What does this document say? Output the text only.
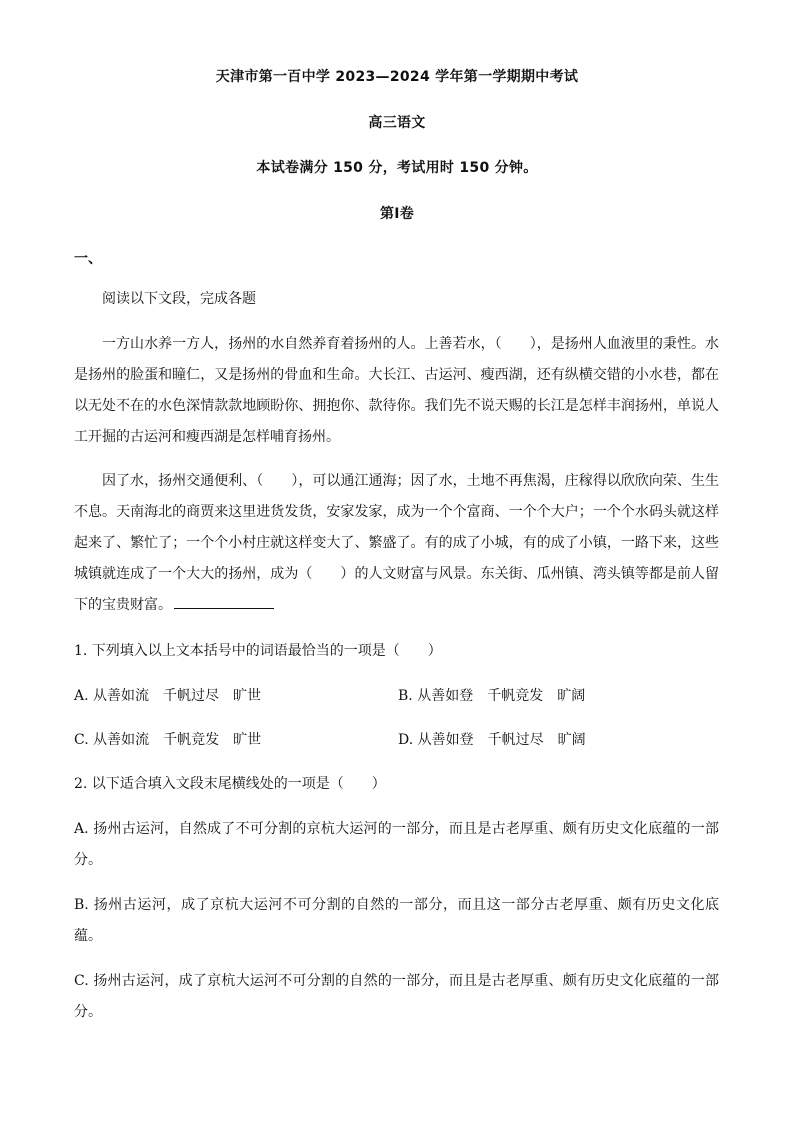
天津市第一百中学 2023—2024 学年第一学期期中考试
高三语文
本试卷满分 150 分，考试用时 150 分钟。
第Ⅰ卷
一、

阅读以下文段，完成各题

一方山水养一方人，扬州的水自然养育着扬州的人。上善若水，（　　），是扬州人血液里的秉性。水是扬州的脸蛋和瞳仁，又是扬州的骨血和生命。大长江、古运河、瘦西湖，还有纵横交错的小水巷，都在以无处不在的水色深情款款地顾盼你、拥抱你、款待你。我们先不说天赐的长江是怎样丰润扬州，单说人工开掘的古运河和瘦西湖是怎样哺育扬州。

因了水，扬州交通便利、（　　），可以通江通海；因了水，土地不再焦渴，庄稼得以欣欣向荣、生生不息。天南海北的商贾来这里进货发货，安家发家，成为一个个富商、一个个大户；一个个水码头就这样起来了、繁忙了；一个个小村庄就这样变大了、繁盛了。有的成了小城，有的成了小镇，一路下来，这些城镇就连成了一个大大的扬州，成为（　　）的人文财富与风景。东关街、瓜州镇、湾头镇等都是前人留下的宝贵财富。

1. 下列填入以上文本括号中的词语最恰当的一项是（　　）

A. 从善如流　千帆过尽　旷世	B. 从善如登　千帆竞发　旷阔

C. 从善如流　千帆竞发　旷世	D. 从善如登　千帆过尽　旷阔

2. 以下适合填入文段末尾横线处的一项是（　　）

A. 扬州古运河，自然成了不可分割的京杭大运河的一部分，而且是古老厚重、颇有历史文化底蕴的一部分。

B. 扬州古运河，成了京杭大运河不可分割的自然的一部分，而且这一部分古老厚重、颇有历史文化底蕴。

C. 扬州古运河，成了京杭大运河不可分割的自然的一部分，而且是古老厚重、颇有历史文化底蕴的一部分。
